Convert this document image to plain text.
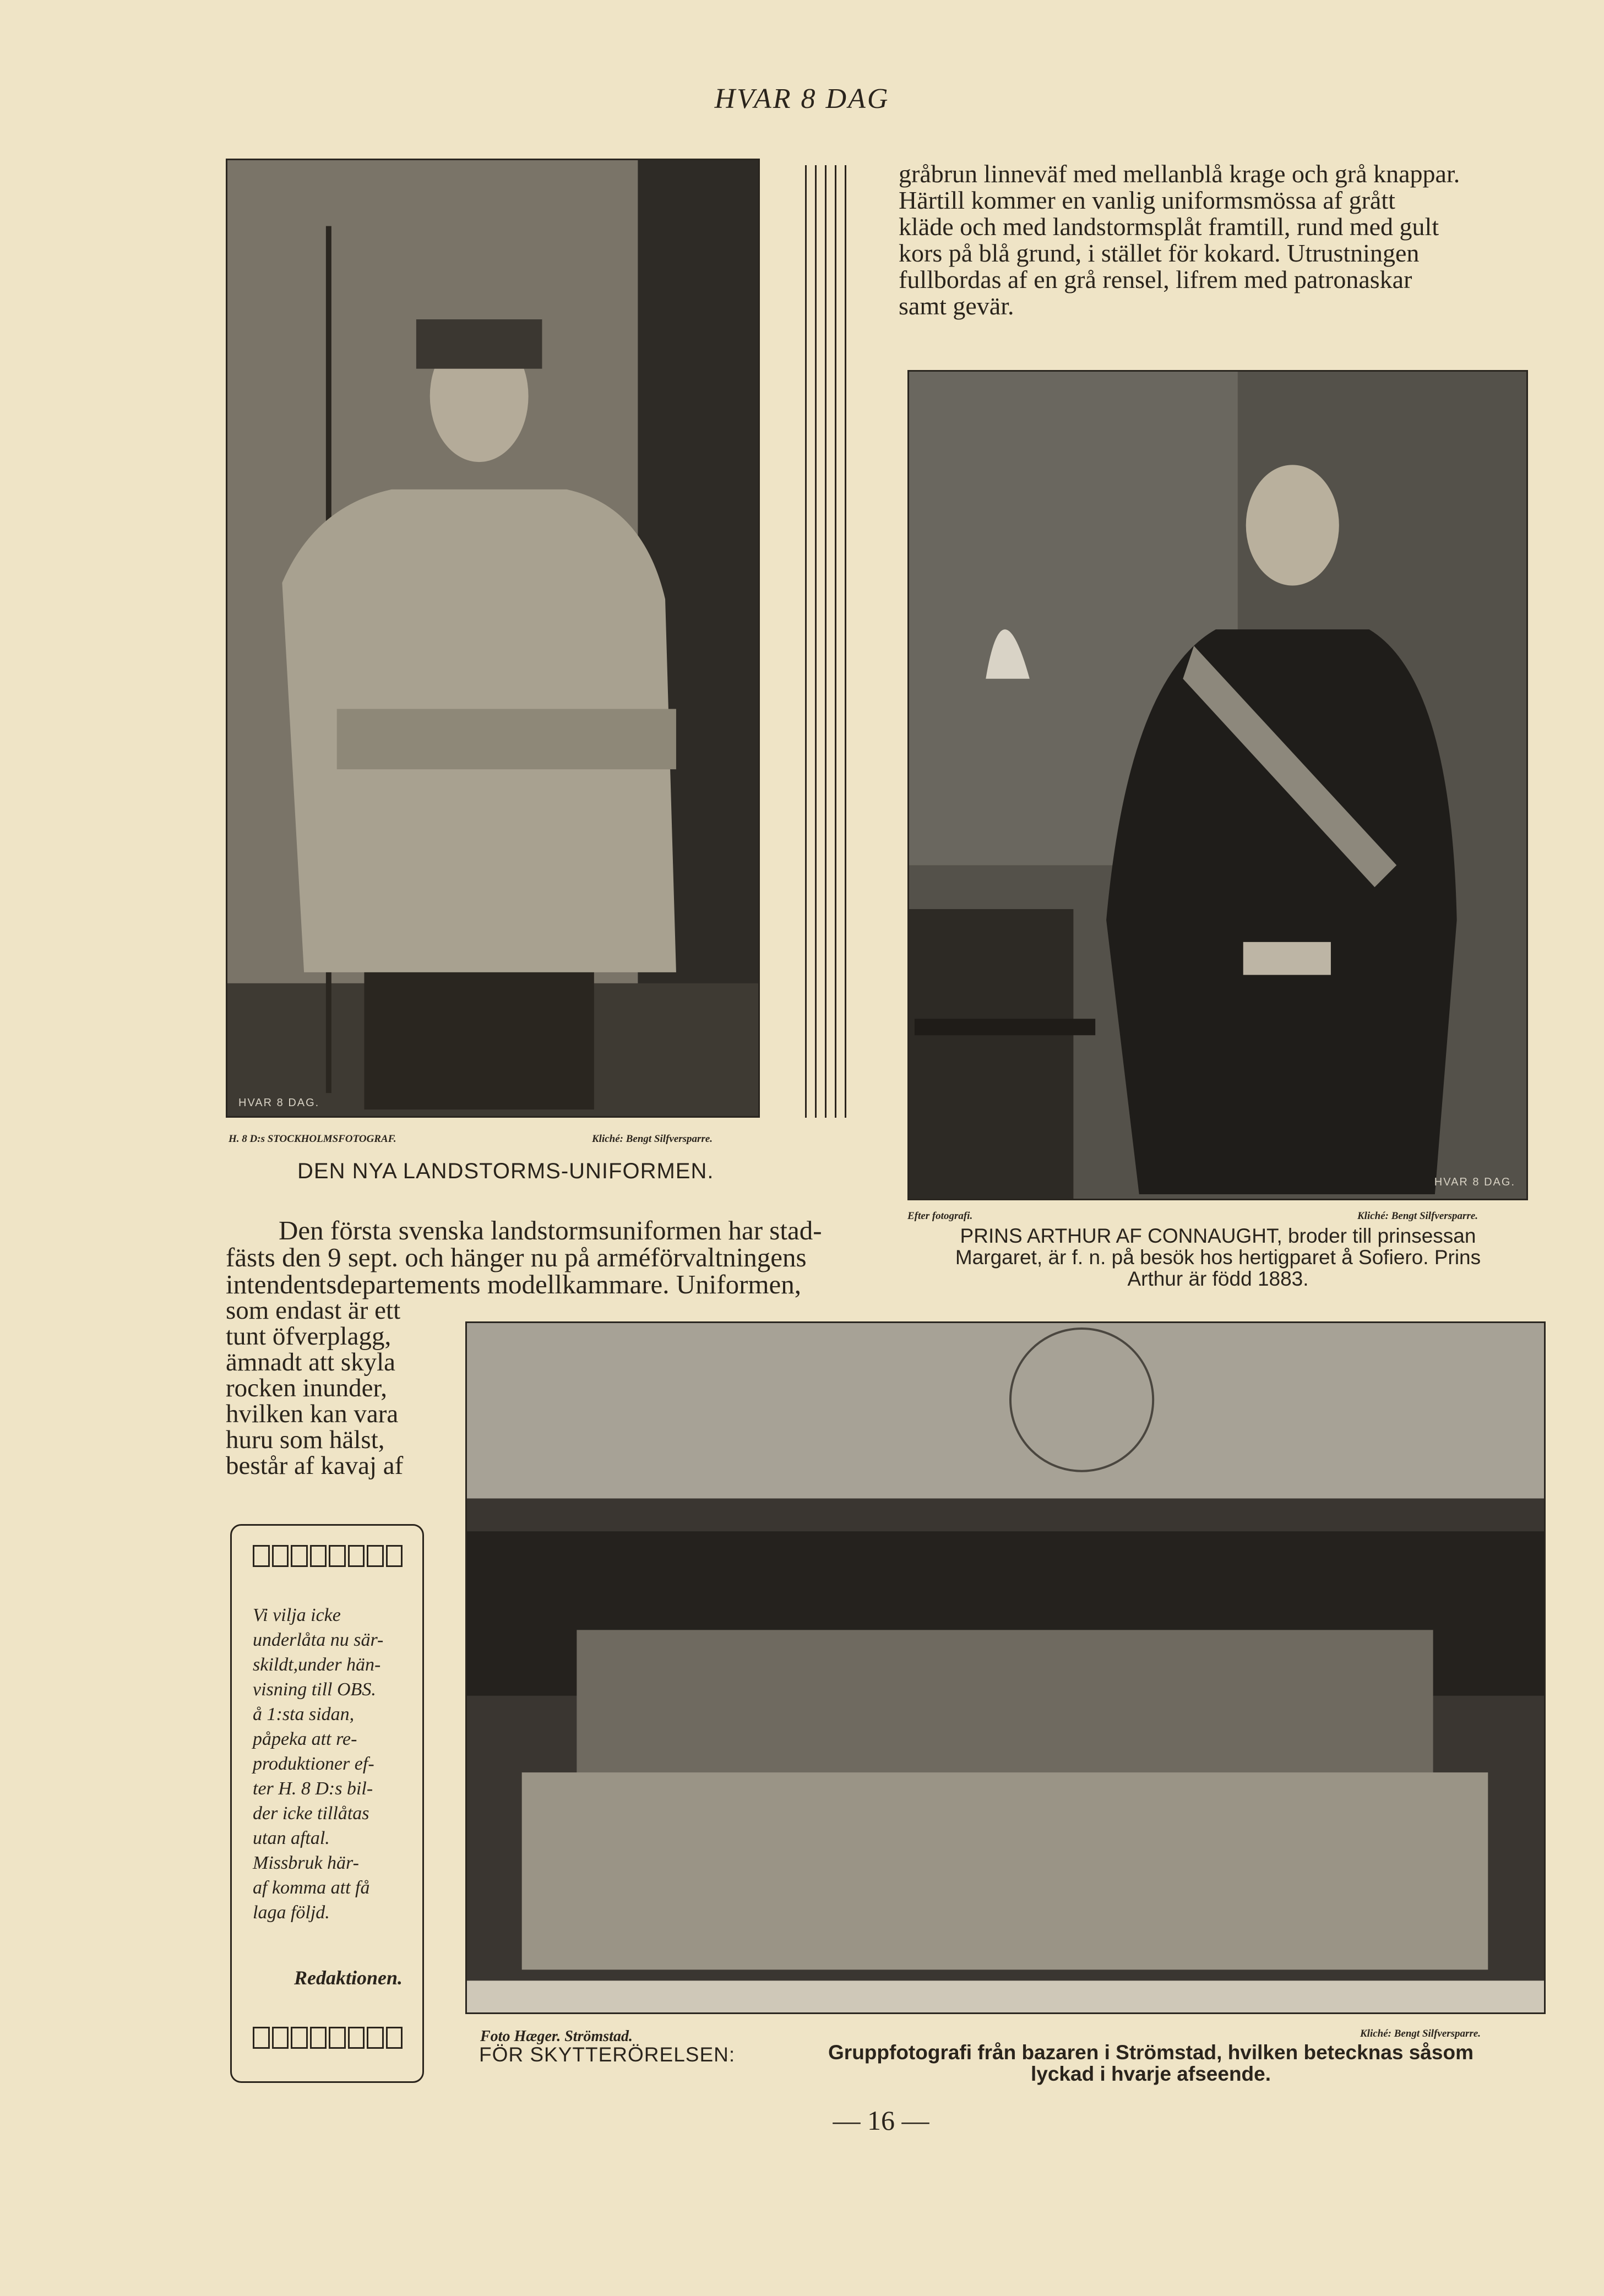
HVAR 8 DAG
HVAR 8 DAG.
H. 8 D:s STOCKHOLMSFOTOGRAF.	Kliché: Bengt Silfversparre.
DEN NYA LANDSTORMS-UNIFORMEN.
gråbrun linneväf med mellanblå krage och grå knappar.
Härtill kommer en vanlig uniformsmössa af grått
kläde och med landstormsplåt framtill, rund med gult
kors på blå grund, i stället för kokard. Utrustningen
fullbordas af en grå rensel, lifrem med patronaskar
samt gevär.
HVAR 8 DAG.
Efter fotografi.	Kliché: Bengt Silfversparre.
PRINS ARTHUR AF CONNAUGHT, broder till prinsessan
Margaret, är f. n. på besök hos hertigparet å Sofiero. Prins
Arthur är född 1883.
Den första svenska landstormsuniformen har stad-
fästs den 9 sept. och hänger nu på arméförvaltningens
intendentsdepartements modellkammare. Uniformen,
som endast är ett
tunt öfverplagg,
ämnadt att skyla
rocken inunder,
hvilken kan vara
huru som hälst,
består af kavaj af
Vi vilja icke
underlåta nu sär-
skildt,under hän-
visning till OBS.
å 1:sta sidan,
påpeka att re-
produktioner ef-
ter H. 8 D:s bil-
der icke tillåtas
utan aftal.
Missbruk här-
af komma att få
laga följd.
Redaktionen.
Foto Hæger. Strömstad.	Kliché: Bengt Silfversparre.
FÖR SKYTTERÖRELSEN:	Gruppfotografi från bazaren i Strömstad, hvilken betecknas såsom
lyckad i hvarje afseende.
— 16 —
